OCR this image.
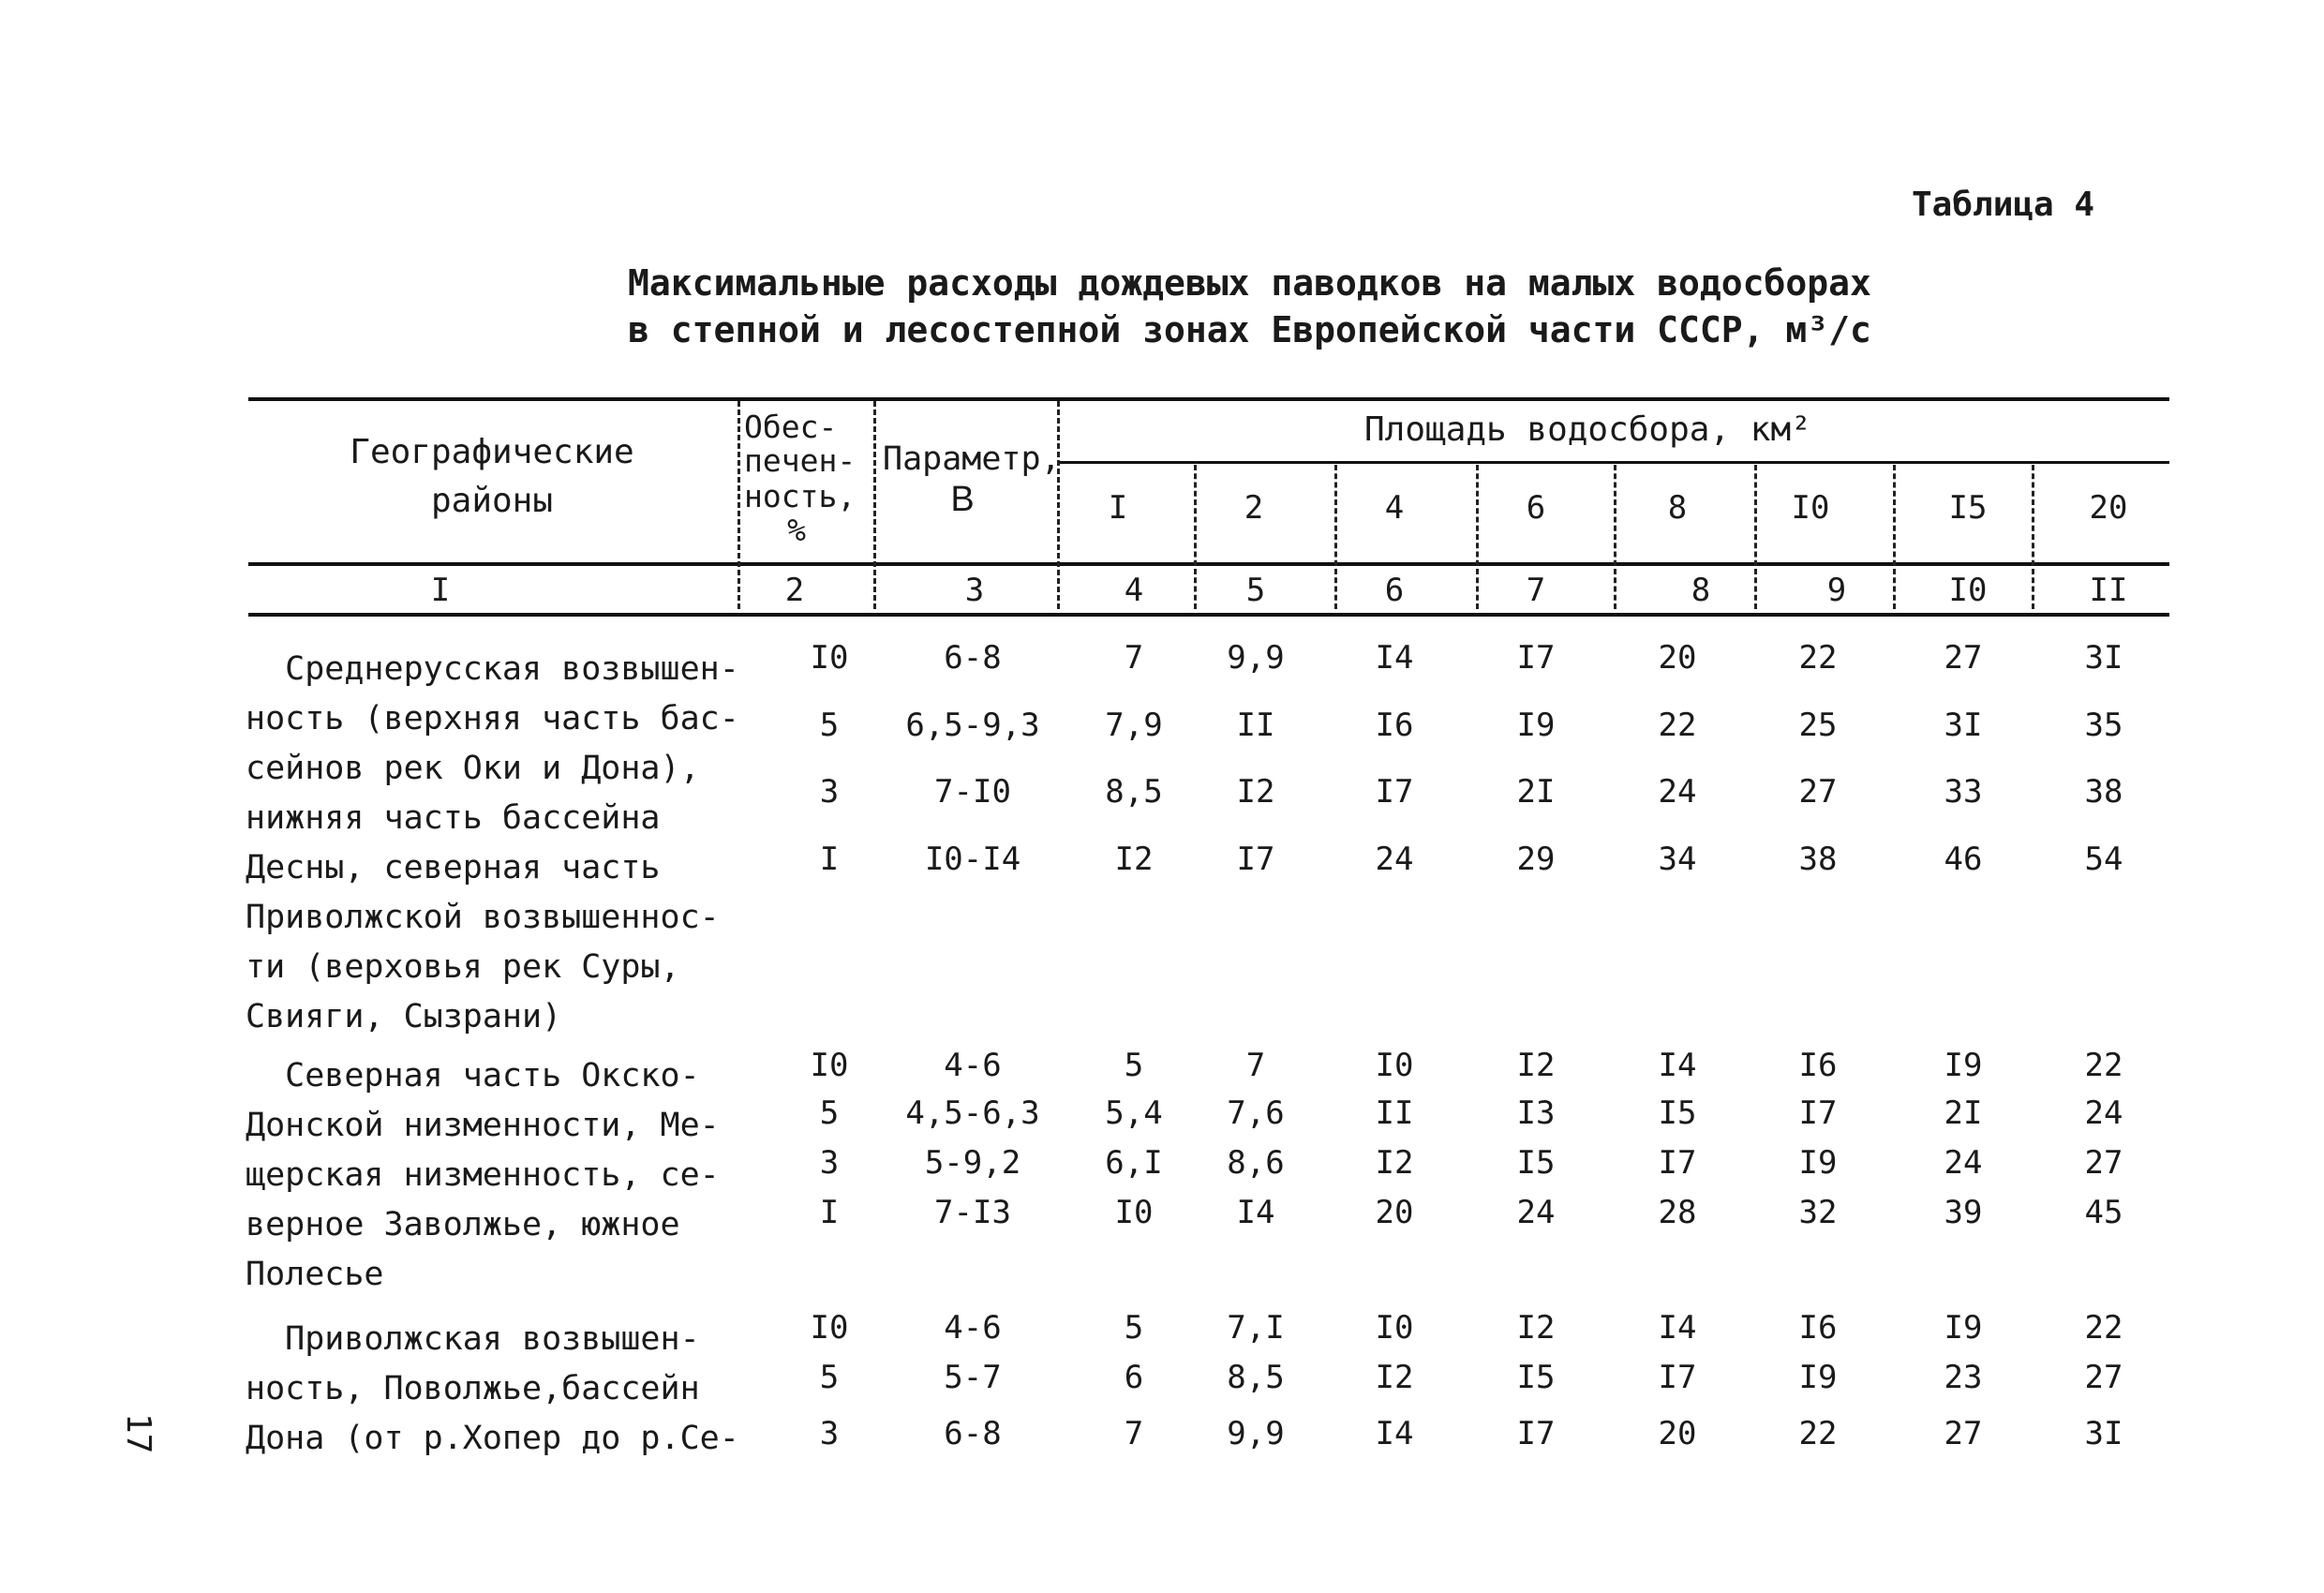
Таблица 4
Максимальные расходы дождевых паводков на малых водосборах
в степной и лесостепной зонах Европейской части СССР, м³/с
17
Географические
районы
Обес-
печен-
ность,
%
Параметр,
B
Площадь водосбора, км²
I	2	4	6	8	I0	I5	20
I	2	3	4	5	6	7	8	9	I0	II
Среднерусская возвышен-
ность (верхняя часть бас-
сейнов рек Оки и Дона),
нижняя часть бассейна
Десны, северная часть
Приволжской возвышеннос-
ти (верховья рек Суры,
Свияги, Сызрани)
I0	6-8	7	9,9	I4	I7	20	22	27	3I
5 6,5-9,3 7,9 II	I6	I9	22	25	3I	35
3	7-I0	8,5 I2	I7	2I	24	27	33	38
I	I0-I4	I2	I7	24	29	34	38	46	54
Северная часть Окско-
Донской низменности, Ме-
щерская низменность, се-
верное Заволжье, южное
Полесье
I0	4-6	5	7	I0	I2	I4	I6	I9	22
5 4,5-6,3 5,4 7,6	II	I3	I5	I7	2I	24
3	5-9,2	6,I 8,6	I2	I5	I7	I9	24	27
I	7-I3	I0	I4	20	24	28	32	39	45
Приволжская возвышен-
ность, Поволжье,бассейн
Дона (от р.Хопер до р.Се-
I0	4-6	5	7,I	I0	I2	I4	I6	I9	22
5	5-7	6	8,5	I2	I5	I7	I9	23	27
3	6-8	7	9,9	I4	I7	20	22	27	3I
